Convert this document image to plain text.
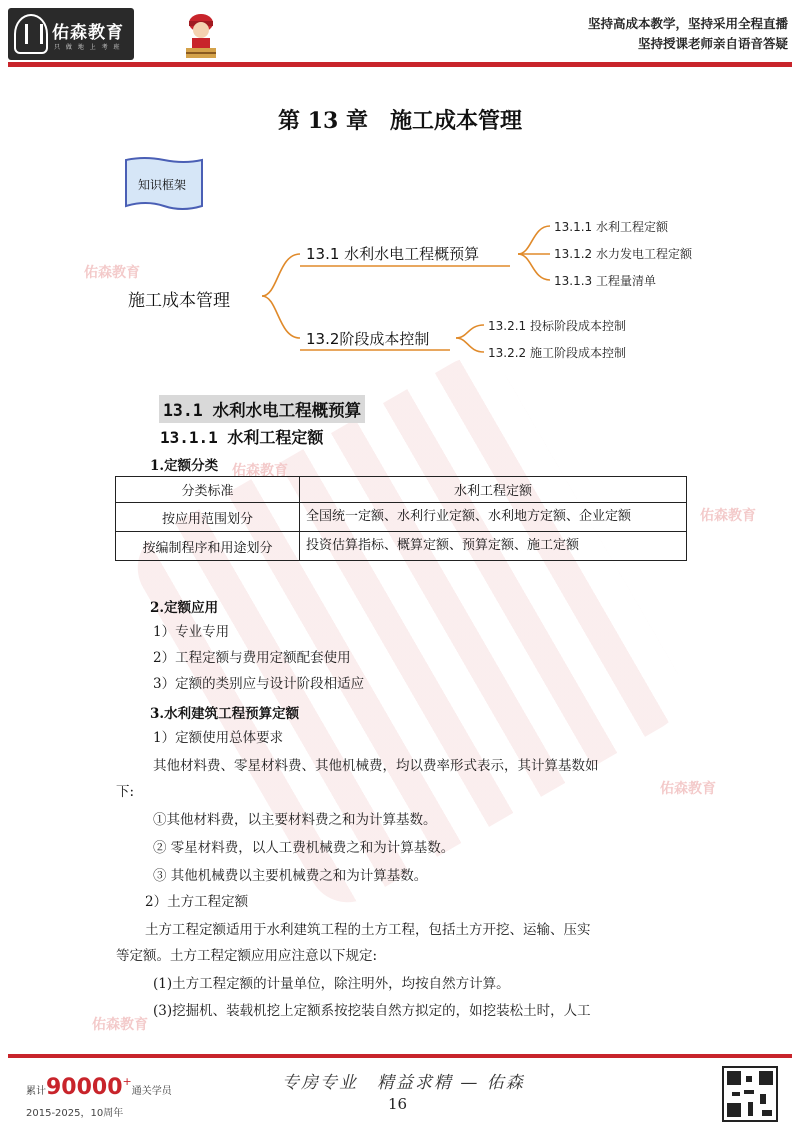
佑森教育
只 做 地 上 考 班
坚持高成本教学，坚持采用全程直播
坚持授课老师亲自语音答疑
佑森教育
佑森教育
佑森教育
佑森教育
佑森教育
第 13 章　施工成本管理
知识框架
施工成本管理
13.1 水利水电工程概预算
13.2阶段成本控制
13.1.1 水利工程定额
13.1.2 水力发电工程定额
13.1.3 工程量清单
13.2.1 投标阶段成本控制
13.2.2 施工阶段成本控制
13.1 水利水电工程概预算
13.1.1 水利工程定额
1.定额分类
分类标准	水利工程定额
按应用范围划分	全国统一定额、水利行业定额、水利地方定额、企业定额
按编制程序和用途划分	投资估算指标、概算定额、预算定额、施工定额
2.定额应用
1）专业专用
2）工程定额与费用定额配套使用
3）定额的类别应与设计阶段相适应
3.水利建筑工程预算定额
1）定额使用总体要求
其他材料费、零星材料费、其他机械费，均以费率形式表示，其计算基数如
下:
①其他材料费，以主要材料费之和为计算基数。
② 零星材料费，以人工费机械费之和为计算基数。
③ 其他机械费以主要机械费之和为计算基数。
2）土方工程定额
土方工程定额适用于水利建筑工程的土方工程，包括土方开挖、运输、压实
等定额。土方工程定额应用应注意以下规定:
(1)土方工程定额的计量单位，除注明外，均按自然方计算。
(3)挖掘机、装载机挖上定额系按挖装自然方拟定的，如挖装松土时，人工
累计90000+通关学员
2015-2025，10周年
专房专业　精益求精 — 佑森
16
